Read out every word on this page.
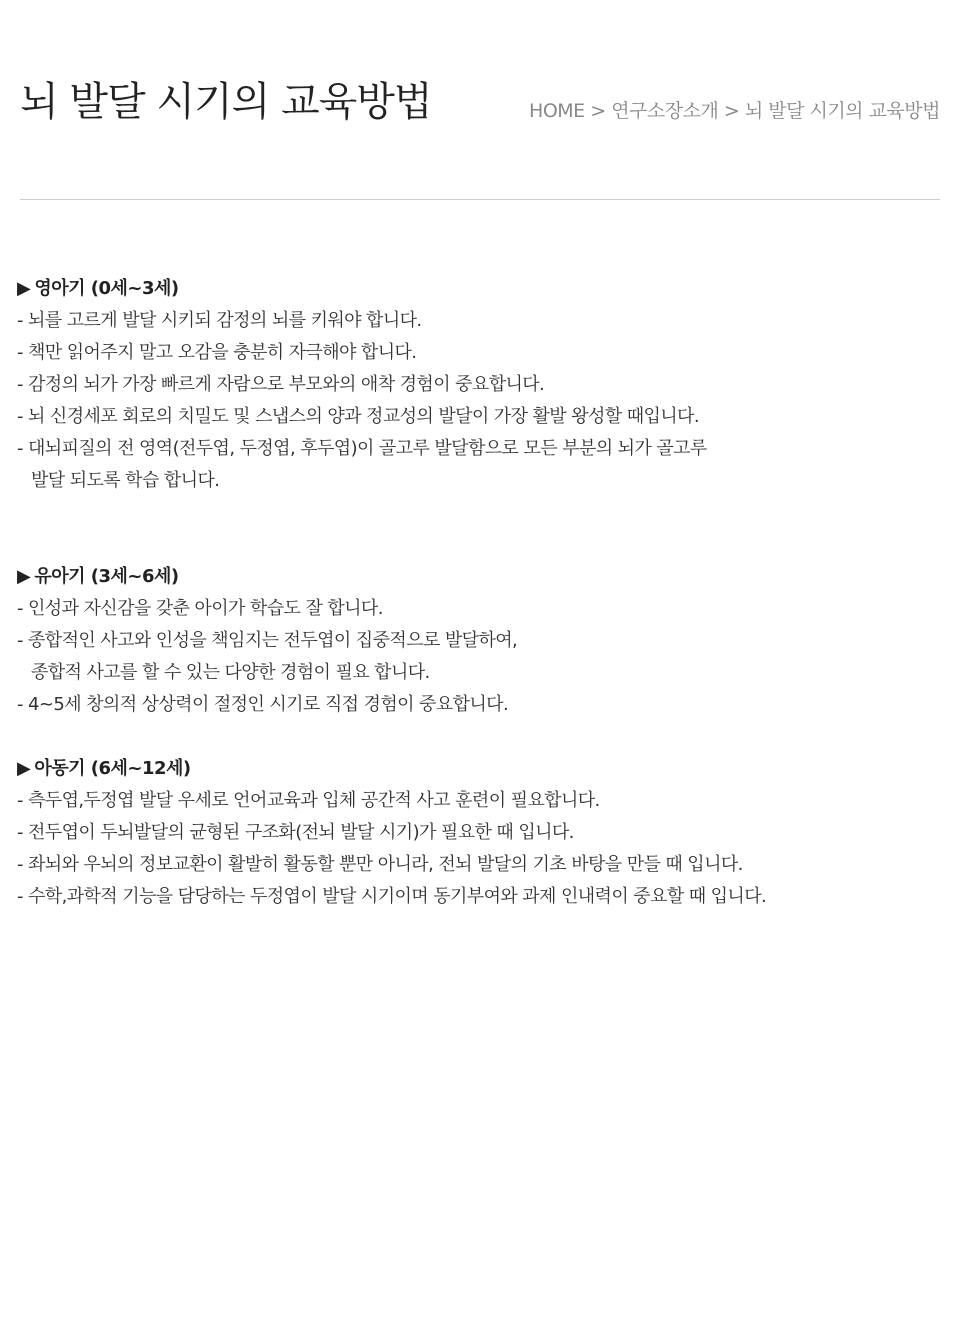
뇌 발달 시기의 교육방법	HOME > 연구소장소개 > 뇌 발달 시기의 교육방법
▶ 영아기 (0세~3세)
- 뇌를 고르게 발달 시키되 감정의 뇌를 키워야 합니다.
- 책만 읽어주지 말고 오감을 충분히 자극해야 합니다.
- 감정의 뇌가 가장 빠르게 자람으로 부모와의 애착 경험이 중요합니다.
- 뇌 신경세포 회로의 치밀도 및 스냅스의 양과 정교성의 발달이 가장 활발 왕성할 때입니다.
- 대뇌피질의 전 영역(전두엽, 두정엽, 후두엽)이 골고루 발달함으로 모든 부분의 뇌가 골고루
발달 되도록 학습 합니다.
▶ 유아기 (3세~6세)
- 인성과 자신감을 갖춘 아이가 학습도 잘 합니다.
- 종합적인 사고와 인성을 책임지는 전두엽이 집중적으로 발달하여,
종합적 사고를 할 수 있는 다양한 경험이 필요 합니다.
- 4~5세 창의적 상상력이 절정인 시기로 직접 경험이 중요합니다.
▶ 아동기 (6세~12세)
- 측두엽,두정엽 발달 우세로 언어교육과 입체 공간적 사고 훈련이 필요합니다.
- 전두엽이 두뇌발달의 균형된 구조화(전뇌 발달 시기)가 필요한 때 입니다.
- 좌뇌와 우뇌의 정보교환이 활발히 활동할 뿐만 아니라, 전뇌 발달의 기초 바탕을 만들 때 입니다.
- 수학,과학적 기능을 담당하는 두정엽이 발달 시기이며 동기부여와 과제 인내력이 중요할 때 입니다.
